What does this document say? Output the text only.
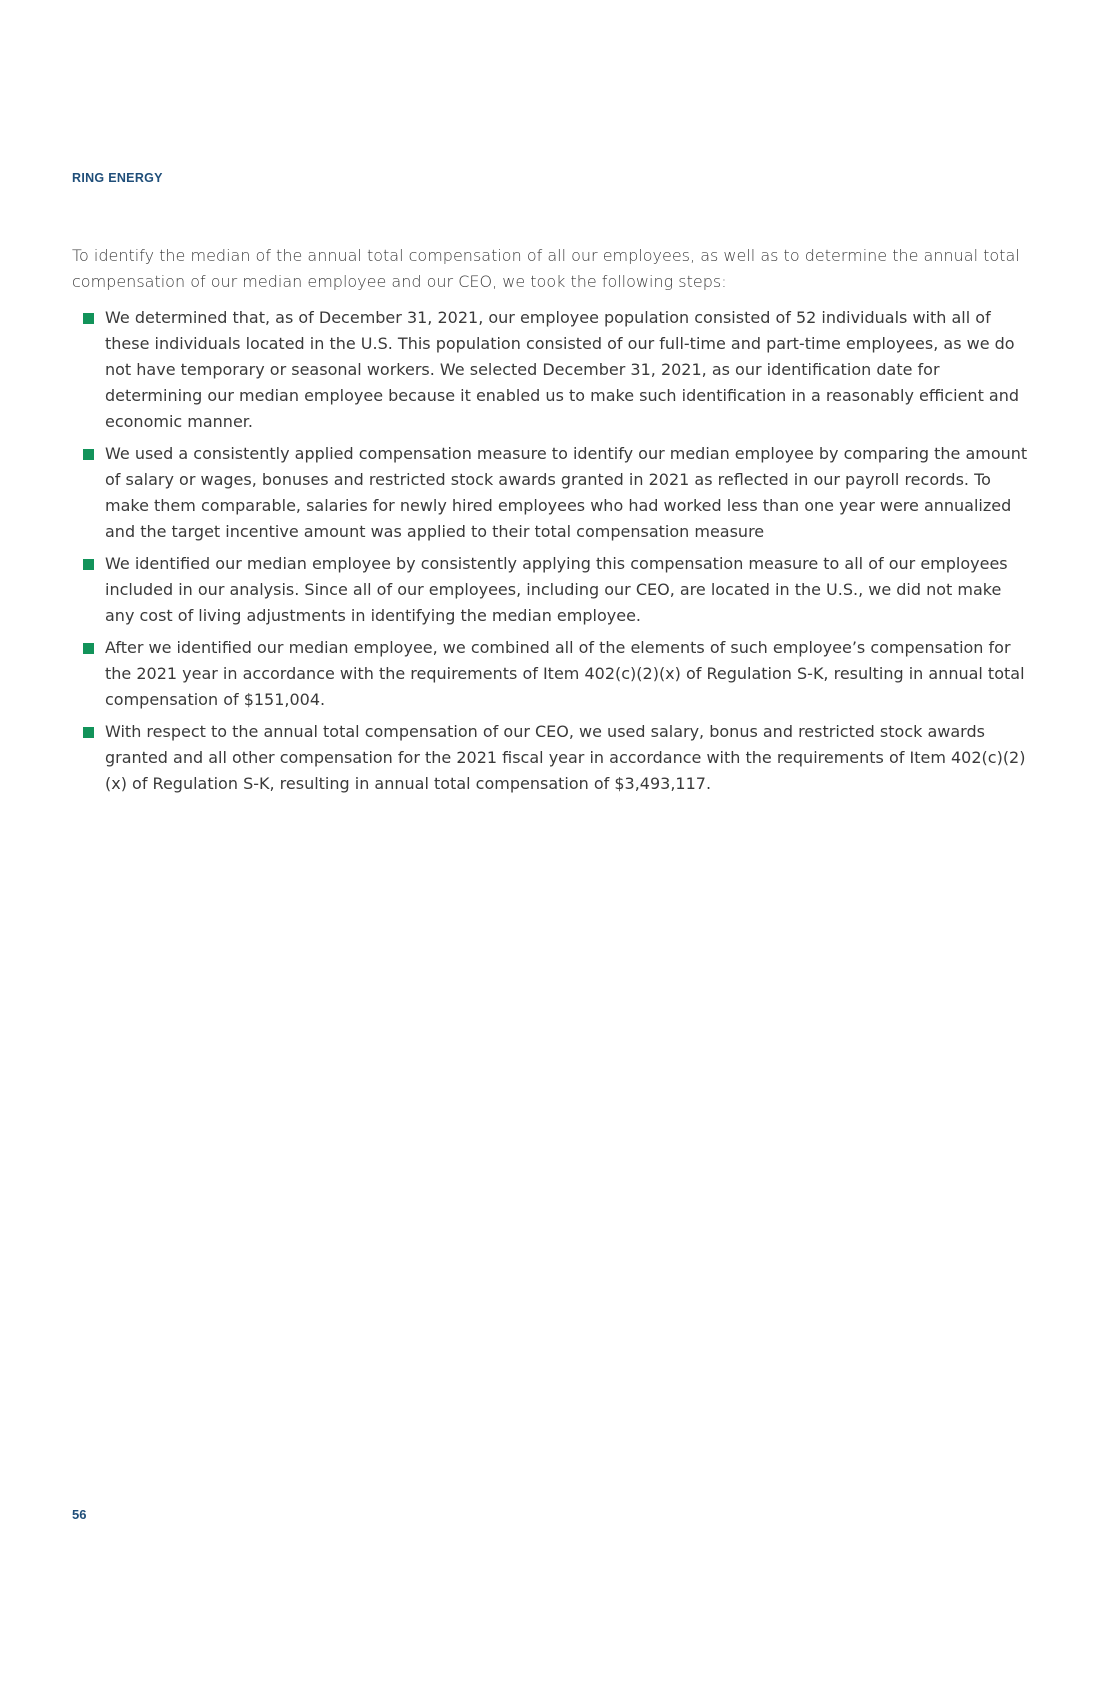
RING ENERGY

To identify the median of the annual total compensation of all our employees, as well as to determine the annual total compensation of our median employee and our CEO, we took the following steps:

We determined that, as of December 31, 2021, our employee population consisted of 52 individuals with all of these individuals located in the U.S. This population consisted of our full-time and part-time employees, as we do not have temporary or seasonal workers. We selected December 31, 2021, as our identification date for determining our median employee because it enabled us to make such identification in a reasonably efficient and economic manner.
We used a consistently applied compensation measure to identify our median employee by comparing the amount of salary or wages, bonuses and restricted stock awards granted in 2021 as reflected in our payroll records. To make them comparable, salaries for newly hired employees who had worked less than one year were annualized and the target incentive amount was applied to their total compensation measure
We identified our median employee by consistently applying this compensation measure to all of our employees included in our analysis. Since all of our employees, including our CEO, are located in the U.S., we did not make any cost of living adjustments in identifying the median employee.
After we identified our median employee, we combined all of the elements of such employee’s compensation for the 2021 year in accordance with the requirements of Item 402(c)(2)(x) of Regulation S-K, resulting in annual total compensation of $151,004.
With respect to the annual total compensation of our CEO, we used salary, bonus and restricted stock awards granted and all other compensation for the 2021 fiscal year in accordance with the requirements of Item 402(c)(2)(x) of Regulation S-K, resulting in annual total compensation of $3,493,117.
56
